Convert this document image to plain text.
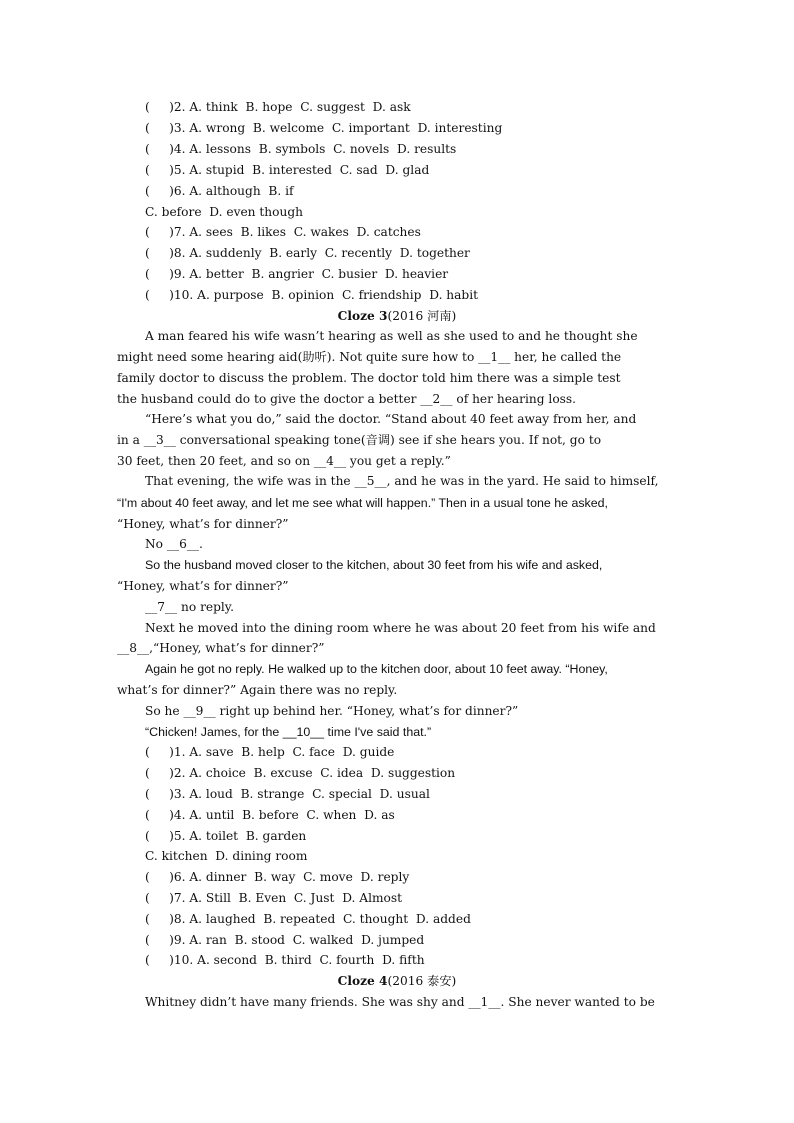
(     )2. A. think  B. hope  C. suggest  D. ask
(     )3. A. wrong  B. welcome  C. important  D. interesting
(     )4. A. lessons  B. symbols  C. novels  D. results
(     )5. A. stupid  B. interested  C. sad  D. glad
(     )6. A. although  B. if
C. before  D. even though
(     )7. A. sees  B. likes  C. wakes  D. catches
(     )8. A. suddenly  B. early  C. recently  D. together
(     )9. A. better  B. angrier  C. busier  D. heavier
(     )10. A. purpose  B. opinion  C. friendship  D. habit
Cloze 3(2016 河南)
A man feared his wife wasn’t hearing as well as she used to and he thought she
might need some hearing aid(助听). Not quite sure how to __1__ her, he called the
family doctor to discuss the problem. The doctor told him there was a simple test
the husband could do to give the doctor a better __2__ of her hearing loss.
“Here’s what you do,” said the doctor. “Stand about 40 feet away from her, and
in a __3__ conversational speaking tone(音调) see if she hears you. If not, go to
30 feet, then 20 feet, and so on __4__ you get a reply.”
That evening, the wife was in the __5__, and he was in the yard. He said to himself,
“I'm about 40 feet away, and let me see what will happen.” Then in a usual tone he asked,
“Honey, what’s for dinner?”
No __6__.
So the husband moved closer to the kitchen, about 30 feet from his wife and asked,
“Honey, what’s for dinner?”
__7__ no reply.
Next he moved into the dining room where he was about 20 feet from his wife and
__8__,“Honey, what’s for dinner?”
Again he got no reply. He walked up to the kitchen door, about 10 feet away. “Honey,
what’s for dinner?” Again there was no reply.
So he __9__ right up behind her. “Honey, what’s for dinner?”
“Chicken! James, for the __10__ time I've said that.”
(     )1. A. save  B. help  C. face  D. guide
(     )2. A. choice  B. excuse  C. idea  D. suggestion
(     )3. A. loud  B. strange  C. special  D. usual
(     )4. A. until  B. before  C. when  D. as
(     )5. A. toilet  B. garden
C. kitchen  D. dining room
(     )6. A. dinner  B. way  C. move  D. reply
(     )7. A. Still  B. Even  C. Just  D. Almost
(     )8. A. laughed  B. repeated  C. thought  D. added
(     )9. A. ran  B. stood  C. walked  D. jumped
(     )10. A. second  B. third  C. fourth  D. fifth
Cloze 4(2016 泰安)
Whitney didn’t have many friends. She was shy and __1__. She never wanted to be
